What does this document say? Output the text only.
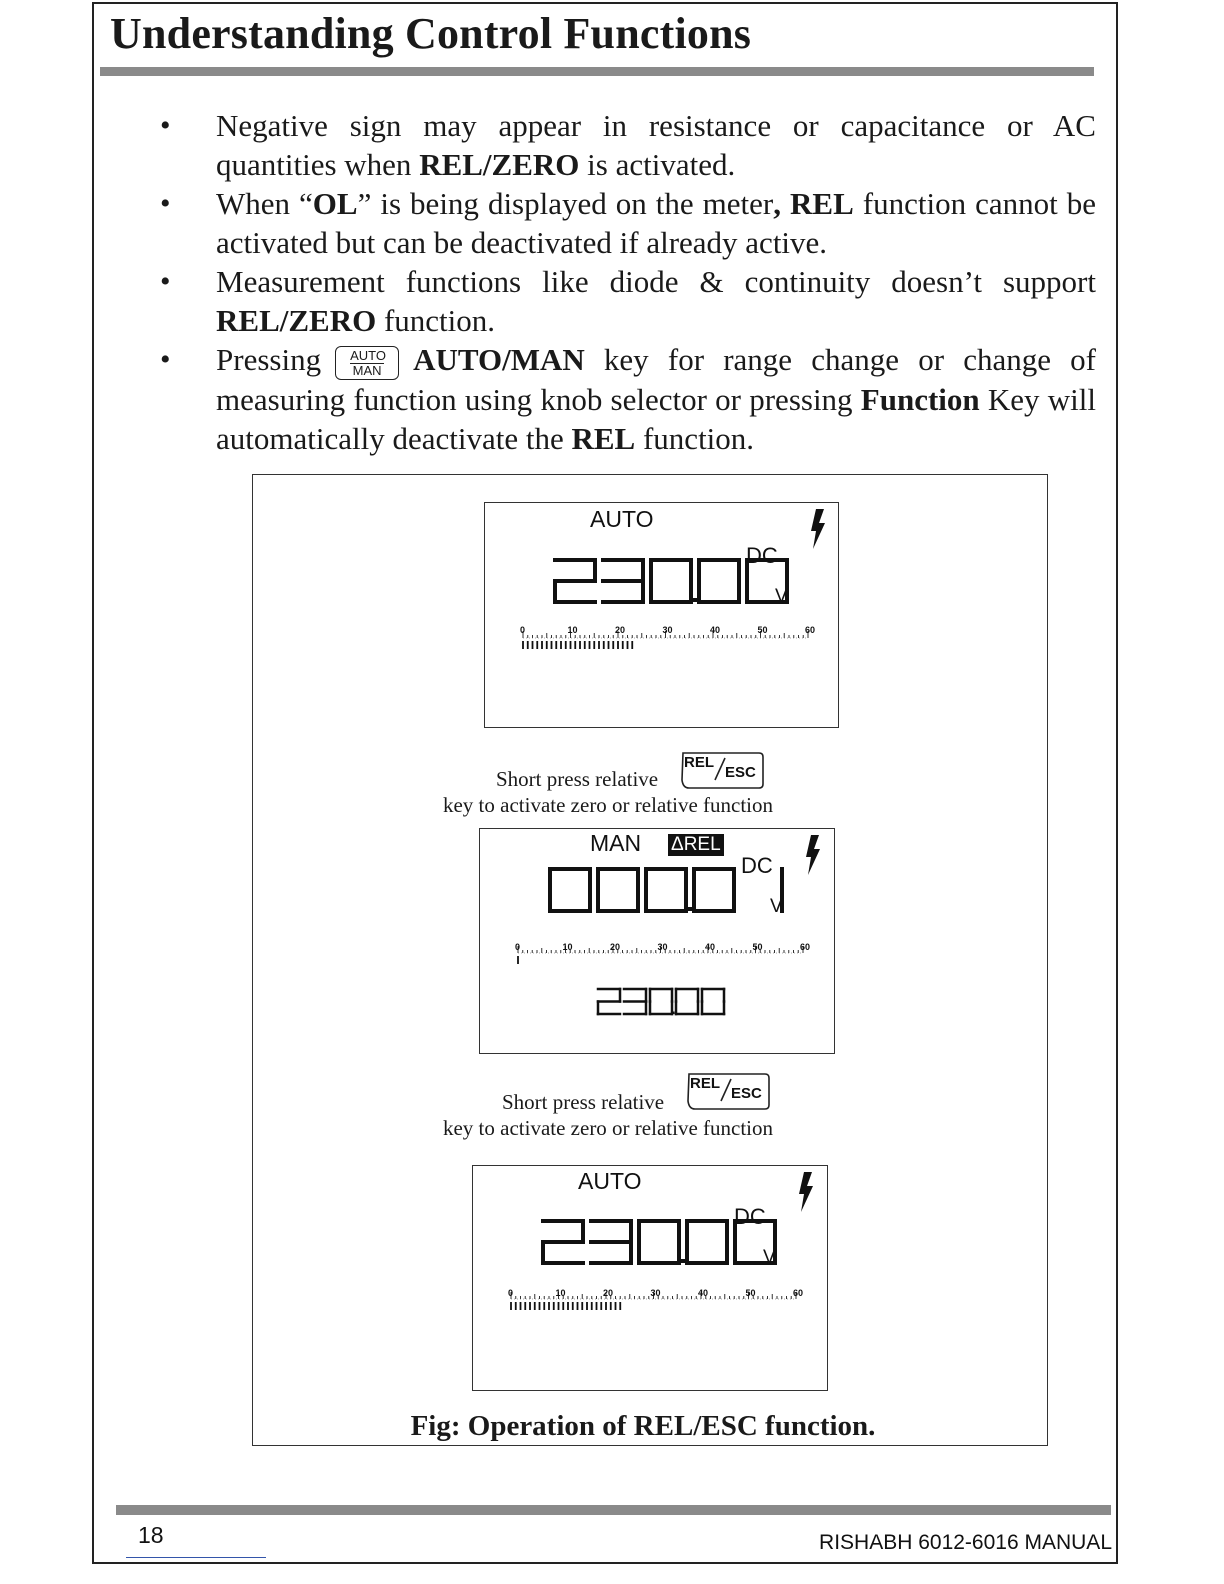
Understanding Control Functions
• Negative sign may appear in resistance or capacitance or AC quantities when REL/ZERO is activated.
• When “OL” is being displayed on the meter, REL function cannot be activated but can be deactivated if already active.
• Measurement functions like diode & continuity doesn’t support REL/ZERO function.
• Pressing AUTO
MAN AUTO/MAN key for range change or change of measuring function using knob selector or pressing Function Key will automatically deactivate the REL function.
AUTO
DC
V
0	10	20	30	40	50	60
Short press relative
key to activate zero or relative function
REL
ESC
MAN ΔREL
DC
V
0	10	20	30	40	50	60
Short press relative
key to activate zero or relative function
REL
ESC
AUTO
DC
V
0	10	20	30	40	50	60
Fig: Operation of REL/ESC function.
18	RISHABH 6012-6016 MANUAL
